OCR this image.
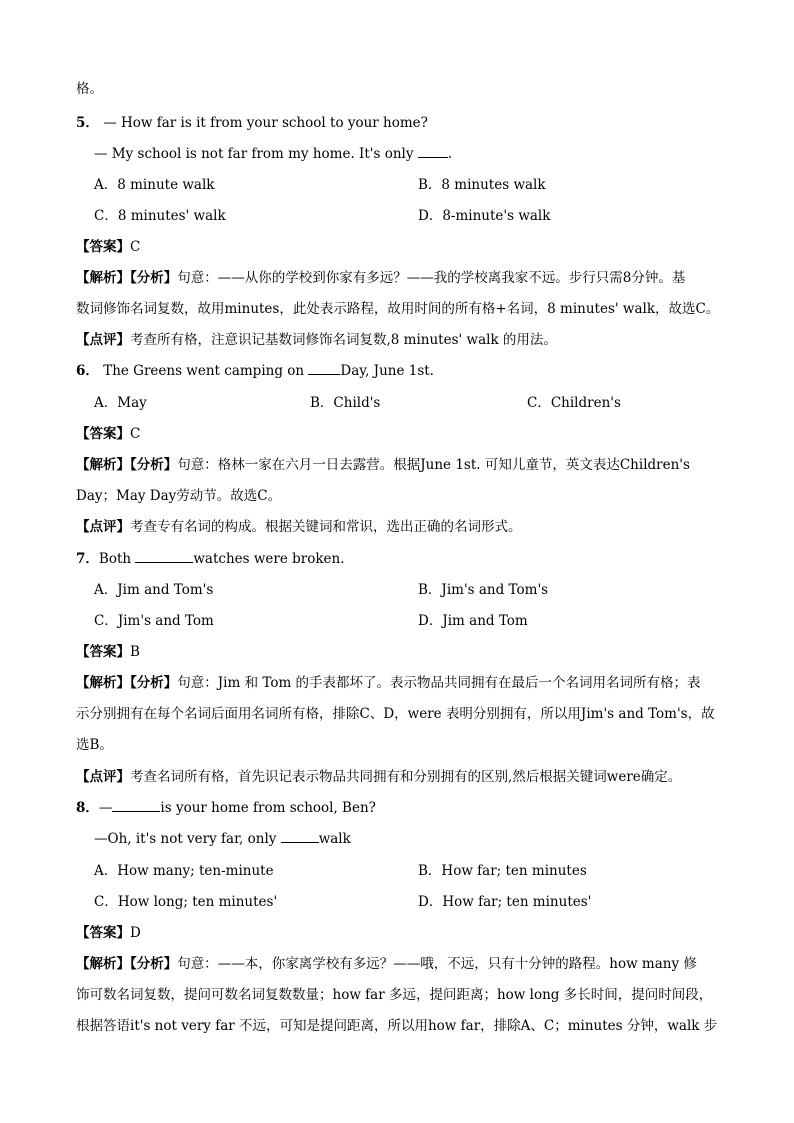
格。
5． — How far is it from your school to your home?
— My school is not far from my home. It's only .
A．8 minute walk	B．8 minutes walk
C．8 minutes' walk	D．8-minute's walk
【答案】C
【解析】【分析】句意：——从你的学校到你家有多远？——我的学校离我家不远。步行只需8分钟。基
数词修饰名词复数，故用minutes，此处表示路程，故用时间的所有格+名词，8 minutes' walk，故选C。
【点评】考查所有格，注意识记基数词修饰名词复数,8 minutes' walk 的用法。
6． The Greens went camping on Day, June 1st.
A．May	B．Child's	C．Children's
【答案】C
【解析】【分析】句意：格林一家在六月一日去露营。根据June 1st. 可知儿童节，英文表达Children's
Day；May Day劳动节。故选C。
【点评】考查专有名词的构成。根据关键词和常识，选出正确的名词形式。
7．Both	watches were broken.
A．Jim and Tom's	B．Jim's and Tom's
C．Jim's and Tom	D．Jim and Tom
【答案】B
【解析】【分析】句意：Jim 和 Tom 的手表都坏了。表示物品共同拥有在最后一个名词用名词所有格；表
示分别拥有在每个名词后面用名词所有格，排除C、D，were 表明分别拥有，所以用Jim's and Tom's，故
选B。
【点评】考查名词所有格，首先识记表示物品共同拥有和分别拥有的区别,然后根据关键词were确定。
8．—	is your home from school, Ben?
—Oh, it's not very far, only	walk
A．How many; ten-minute	B．How far; ten minutes
C．How long; ten minutes'	D．How far; ten minutes'
【答案】D
【解析】【分析】句意：——本，你家离学校有多远？——哦，不远，只有十分钟的路程。how many 修
饰可数名词复数，提问可数名词复数数量；how far 多远，提问距离；how long 多长时间，提问时间段，
根据答语it's not very far 不远，可知是提问距离，所以用how far，排除A、C；minutes 分钟，walk 步
